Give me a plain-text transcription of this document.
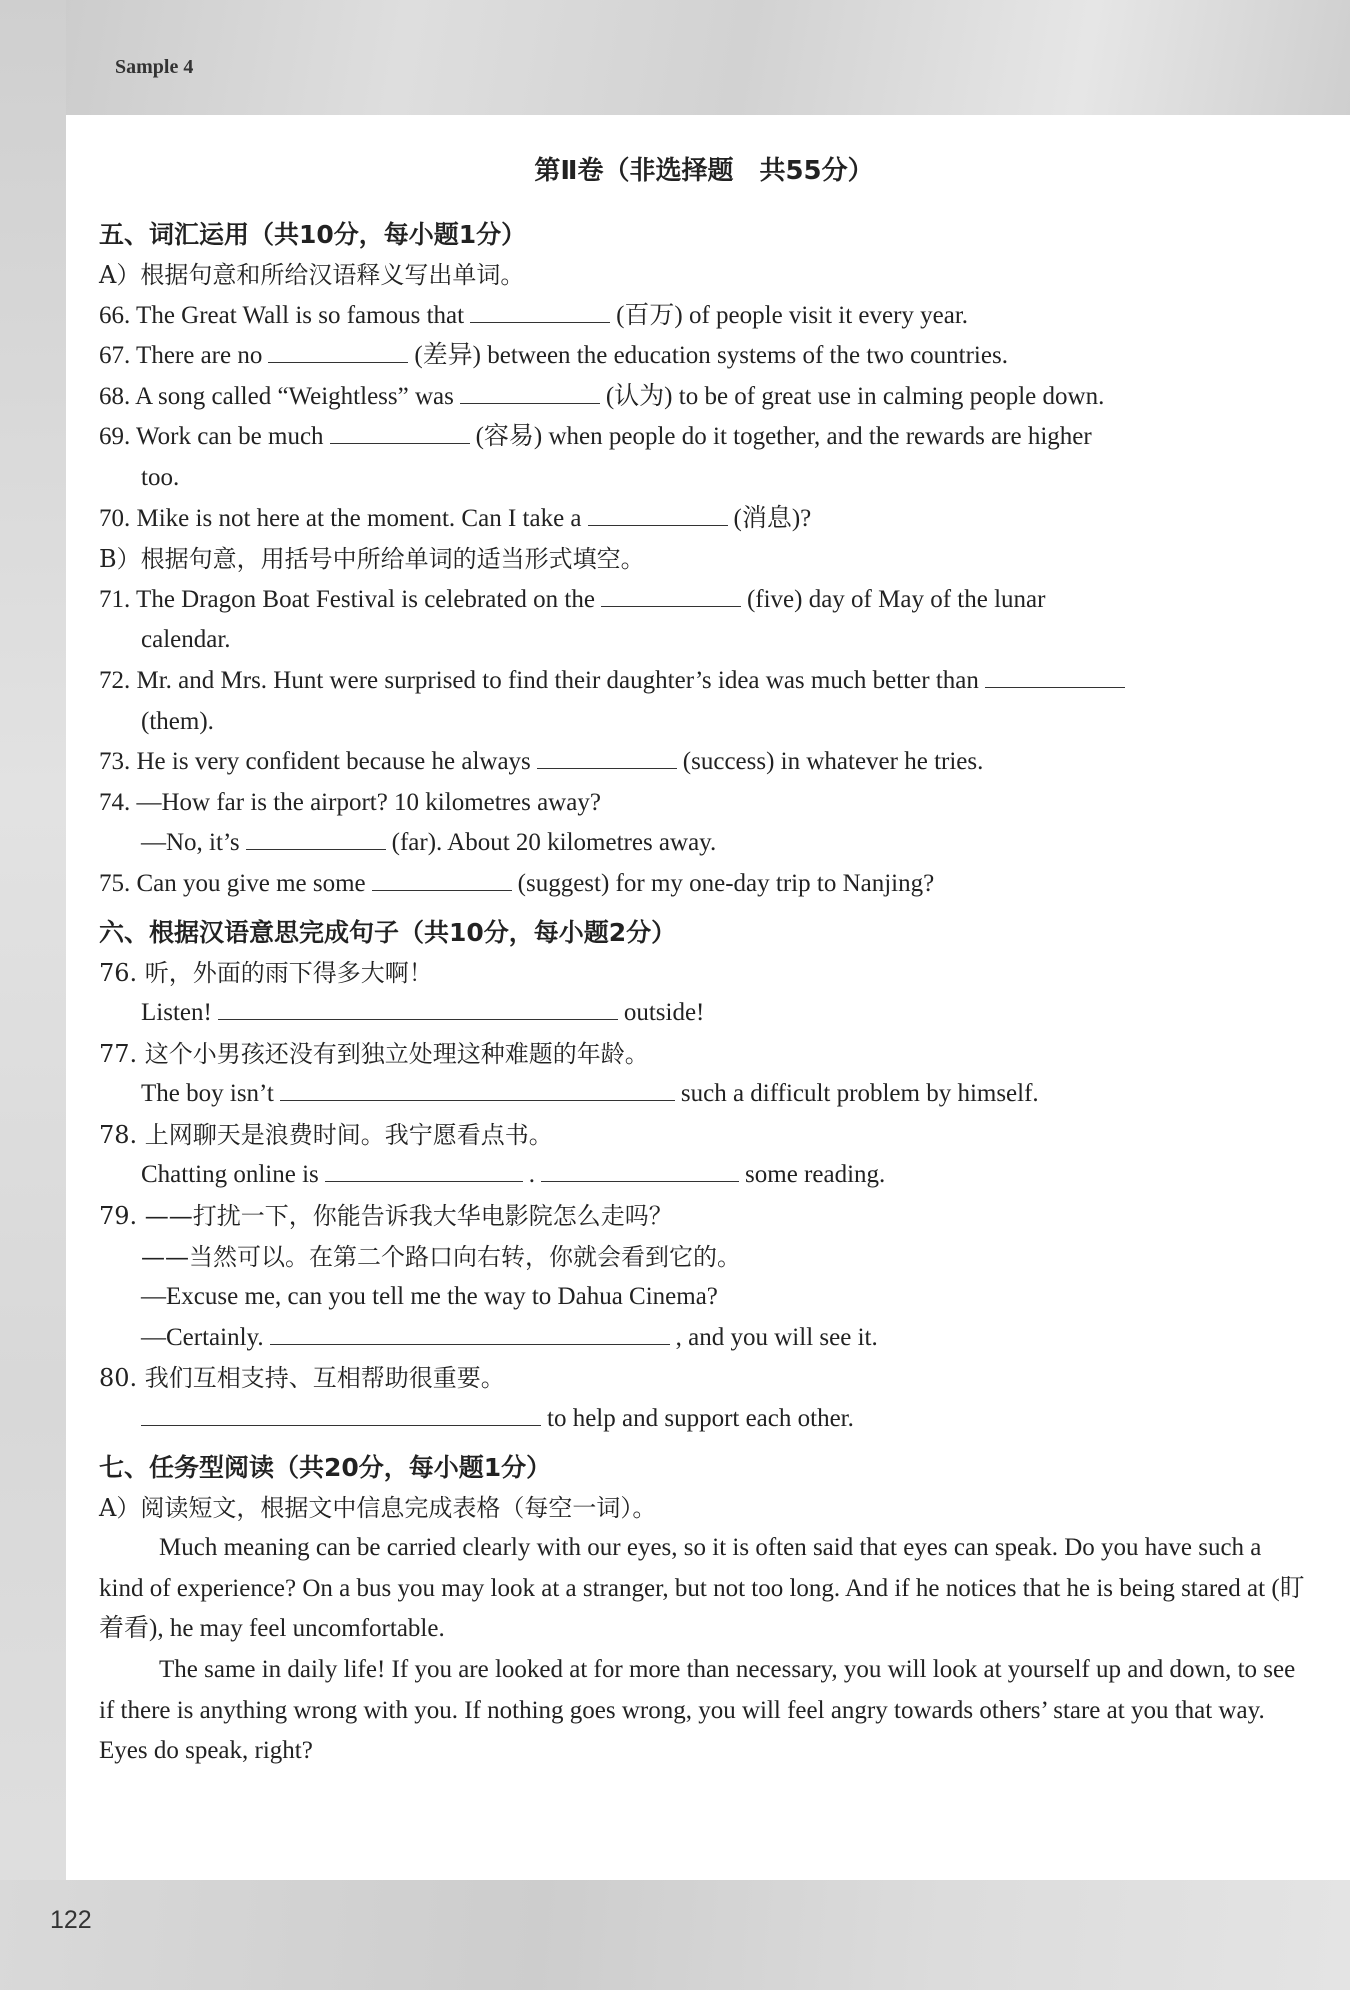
Sample 4
122
第Ⅱ卷（非选择题　共55分）
五、词汇运用（共10分，每小题1分）
A）根据句意和所给汉语释义写出单词。
66. The Great Wall is so famous that	(百万) of people visit it every year.
67. There are no	(差异) between the education systems of the two countries.
68. A song called “Weightless” was	(认为) to be of great use in calming people down.
69. Work can be much	(容易) when people do it together, and the rewards are higher
too.
70. Mike is not here at the moment. Can I take a	(消息)?
B）根据句意，用括号中所给单词的适当形式填空。
71. The Dragon Boat Festival is celebrated on the	(five) day of May of the lunar
calendar.
72. Mr. and Mrs. Hunt were surprised to find their daughter’s idea was much better than
(them).
73. He is very confident because he always	(success) in whatever he tries.
74. —How far is the airport? 10 kilometres away?
—No, it’s	(far). About 20 kilometres away.
75. Can you give me some	(suggest) for my one-day trip to Nanjing?
六、根据汉语意思完成句子（共10分，每小题2分）
76. 听，外面的雨下得多大啊！
Listen!	outside!
77. 这个小男孩还没有到独立处理这种难题的年龄。
The boy isn’t	such a difficult problem by himself.
78. 上网聊天是浪费时间。我宁愿看点书。
Chatting online is	.	some reading.
79. ——打扰一下，你能告诉我大华电影院怎么走吗？
——当然可以。在第二个路口向右转，你就会看到它的。
—Excuse me, can you tell me the way to Dahua Cinema?
—Certainly.	, and you will see it.
80. 我们互相支持、互相帮助很重要。
to help and support each other.
七、任务型阅读（共20分，每小题1分）
A）阅读短文，根据文中信息完成表格（每空一词）。
Much meaning can be carried clearly with our eyes, so it is often said that eyes can speak. Do you have such a kind of experience? On a bus you may look at a stranger, but not too long. And if he notices that he is being stared at (盯着看), he may feel uncomfortable.
The same in daily life! If you are looked at for more than necessary, you will look at yourself up and down, to see if there is anything wrong with you. If nothing goes wrong, you will feel angry towards others’ stare at you that way. Eyes do speak, right?
